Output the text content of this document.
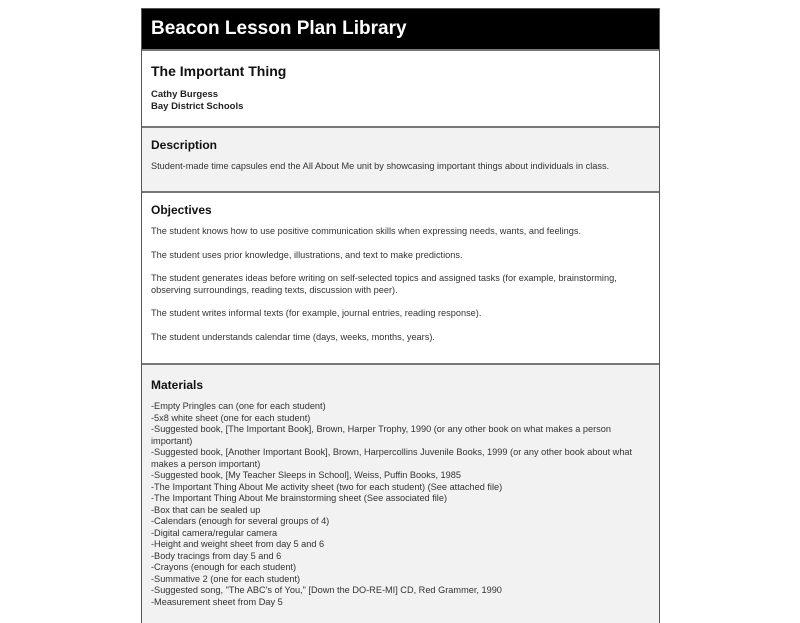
Beacon Lesson Plan Library
The Important Thing
Cathy Burgess
Bay District Schools
Description

Student-made time capsules end the All About Me unit by showcasing important things about individuals in class.

Objectives

The student knows how to use positive communication skills when expressing needs, wants, and feelings.

The student uses prior knowledge, illustrations, and text to make predictions.

The student generates ideas before writing on self-selected topics and assigned tasks (for example, brainstorming, observing surroundings, reading texts, discussion with peer).

The student writes informal texts (for example, journal entries, reading response).

The student understands calendar time (days, weeks, months, years).

Materials

-Empty Pringles can (one for each student)

-5x8 white sheet (one for each student)

-Suggested book, [The Important Book], Brown, Harper Trophy, 1990 (or any other book on what makes a person important)

-Suggested book, [Another Important Book], Brown, Harpercollins Juvenile Books, 1999 (or any other book about what makes a person important)

-Suggested book, [My Teacher Sleeps in School], Weiss, Puffin Books, 1985

-The Important Thing About Me activity sheet (two for each student) (See attached file)

-The Important Thing About Me brainstorming sheet (See associated file)

-Box that can be sealed up

-Calendars (enough for several groups of 4)

-Digital camera/regular camera

-Height and weight sheet from day 5 and 6

-Body tracings from day 5 and 6

-Crayons (enough for each student)

-Summative 2 (one for each student)

-Suggested song, "The ABC's of You," [Down the DO-RE-MI] CD, Red Grammer, 1990

-Measurement sheet from Day 5
